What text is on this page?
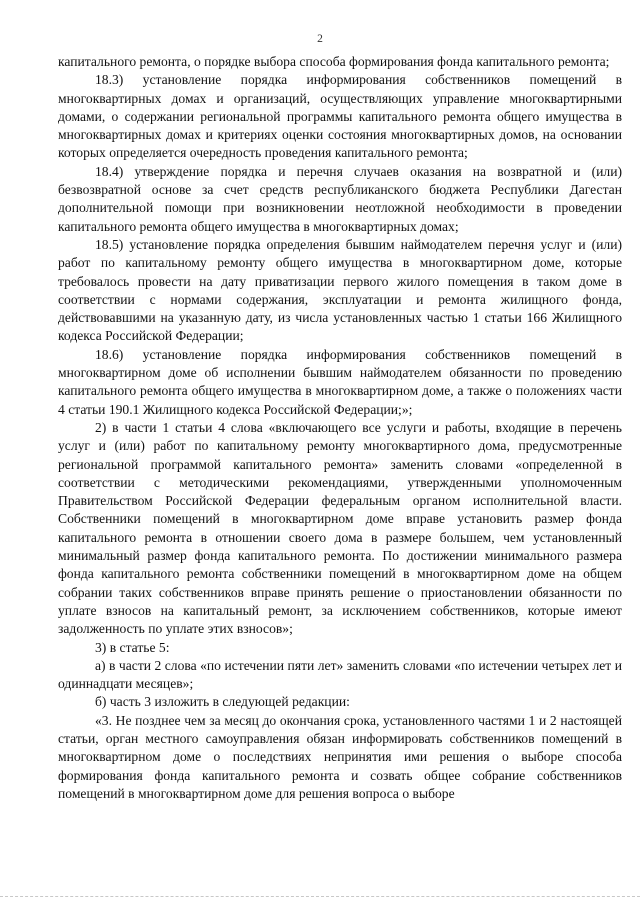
2

капитального ремонта, о порядке выбора способа формирования фонда капитального ремонта;

18.3) установление порядка информирования собственников помещений в многоквартирных домах и организаций, осуществляющих управление многоквартирными домами, о содержании региональной программы капитального ремонта общего имущества в многоквартирных домах и критериях оценки состояния многоквартирных домов, на основании которых определяется очередность проведения капитального ремонта;

18.4) утверждение порядка и перечня случаев оказания на возвратной и (или) безвозвратной основе за счет средств республиканского бюджета Республики Дагестан дополнительной помощи при возникновении неотложной необходимости в проведении капитального ремонта общего имущества в многоквартирных домах;

18.5) установление порядка определения бывшим наймодателем перечня услуг и (или) работ по капитальному ремонту общего имущества в многоквартирном доме, которые требовалось провести на дату приватизации первого жилого помещения в таком доме в соответствии с нормами содержания, эксплуатации и ремонта жилищного фонда, действовавшими на указанную дату, из числа установленных частью 1 статьи 166 Жилищного кодекса Российской Федерации;

18.6) установление порядка информирования собственников помещений в многоквартирном доме об исполнении бывшим наймодателем обязанности по проведению капитального ремонта общего имущества в многоквартирном доме, а также о положениях части 4 статьи 190.1 Жилищного кодекса Российской Федерации;»;

2) в части 1 статьи 4 слова «включающего все услуги и работы, входящие в перечень услуг и (или) работ по капитальному ремонту многоквартирного дома, предусмотренные региональной программой капитального ремонта» заменить словами «определенной в соответствии с методическими рекомендациями, утвержденными уполномоченным Правительством Российской Федерации федеральным органом исполнительной власти. Собственники помещений в многоквартирном доме вправе установить размер фонда капитального ремонта в отношении своего дома в размере большем, чем установленный минимальный размер фонда капитального ремонта. По достижении минимального размера фонда капитального ремонта собственники помещений в многоквартирном доме на общем собрании таких собственников вправе принять решение о приостановлении обязанности по уплате взносов на капитальный ремонт, за исключением собственников, которые имеют задолженность по уплате этих взносов»;

3) в статье 5:

а) в части 2 слова «по истечении пяти лет» заменить словами «по истечении четырех лет и одиннадцати месяцев»;

б) часть 3 изложить в следующей редакции:

«3. Не позднее чем за месяц до окончания срока, установленного частями 1 и 2 настоящей статьи, орган местного самоуправления обязан информировать собственников помещений в многоквартирном доме о последствиях непринятия ими решения о выборе способа формирования фонда капитального ремонта и созвать общее собрание собственников помещений в многоквартирном доме для решения вопроса о выборе
